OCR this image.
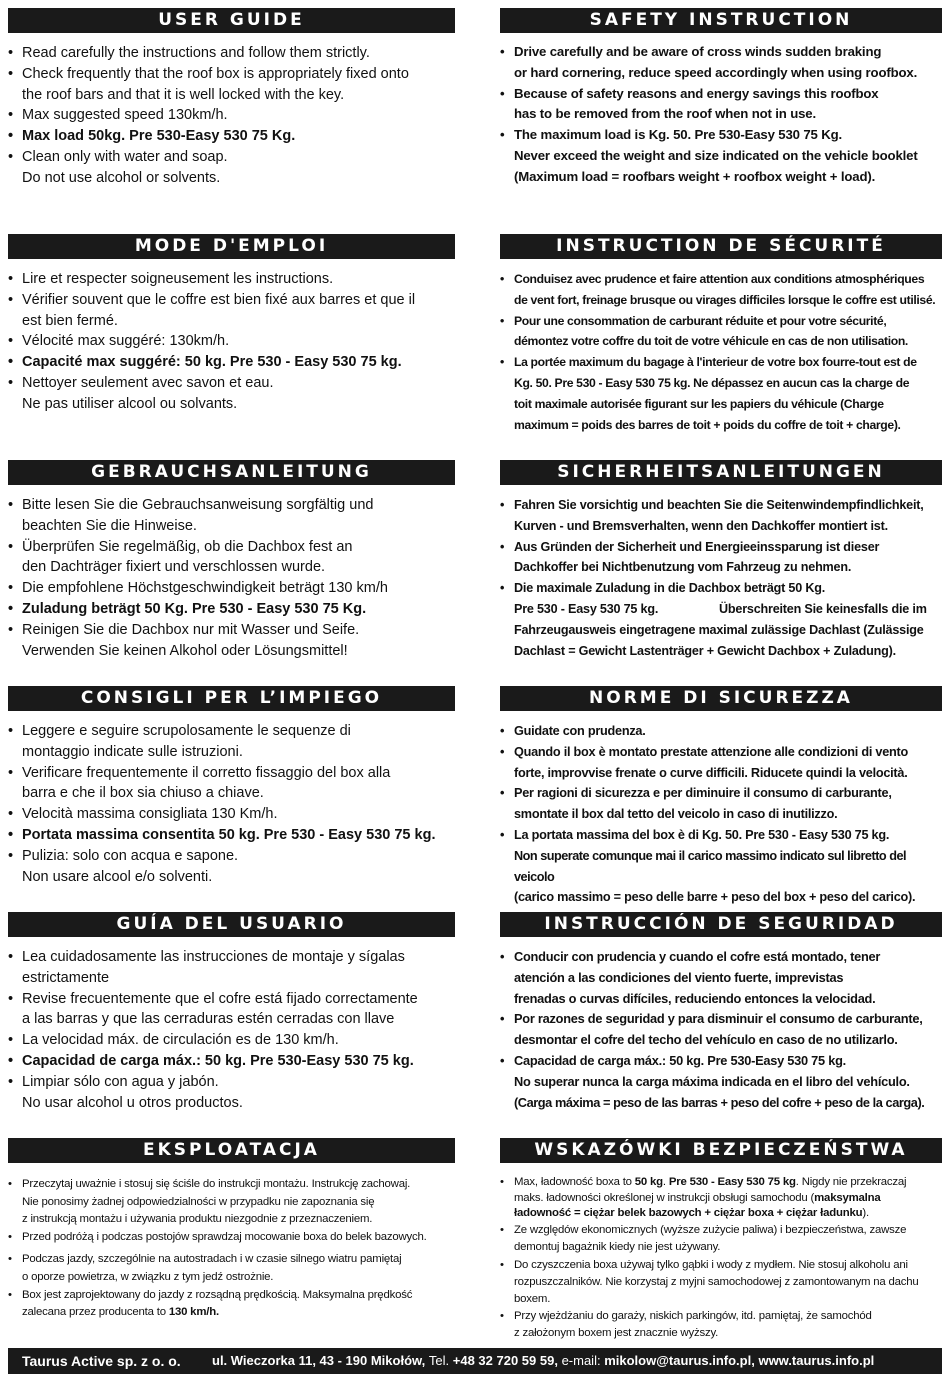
USER GUIDE
• Read carefully the instructions and follow them strictly.
• Check frequently that the roof box is appropriately fixed onto
the roof bars and that it is well locked with the key.
• Max suggested speed 130km/h.
• Max load 50kg. Pre 530-Easy 530 75 Kg.
• Clean only with water and soap.
Do not use alcohol or solvents.
SAFETY INSTRUCTION
• Drive carefully and be aware of cross winds sudden braking
or hard cornering, reduce speed accordingly when using roofbox.
• Because of safety reasons and energy savings this roofbox
has to be removed from the roof when not in use.
• The maximum load is Kg. 50. Pre 530-Easy 530 75 Kg.
Never exceed the weight and size indicated on the vehicle booklet
(Maximum load = roofbars weight + roofbox weight + load).
MODE D'EMPLOI
• Lire et respecter soigneusement les instructions.
• Vérifier souvent que le coffre est bien fixé aux barres et que il
est bien fermé.
• Vélocité max suggéré: 130km/h.
• Capacité max suggéré: 50 kg. Pre 530 - Easy 530 75 kg.
• Nettoyer seulement avec savon et eau.
Ne pas utiliser alcool ou solvants.
INSTRUCTION DE SÉCURITÉ
• Conduisez avec prudence et faire attention aux conditions atmosphériques
de vent fort, freinage brusque ou virages difficiles lorsque le coffre est utilisé.
• Pour une consommation de carburant réduite et pour votre sécurité,
démontez votre coffre du toit de votre véhicule en cas de non utilisation.
• La portée maximum du bagage à l'interieur de votre box fourre-tout est de
Kg. 50. Pre 530 - Easy 530 75 kg. Ne dépassez en aucun cas la charge de
toit maximale autorisée figurant sur les papiers du véhicule (Charge
maximum = poids des barres de toit + poids du coffre de toit + charge).
GEBRAUCHSANLEITUNG
• Bitte lesen Sie die Gebrauchsanweisung sorgfältig und
beachten Sie die Hinweise.
• Überprüfen Sie regelmäßig, ob die Dachbox fest an
den Dachträger fixiert und verschlossen wurde.
• Die empfohlene Höchstgeschwindigkeit beträgt 130 km/h
• Zuladung beträgt 50 Kg. Pre 530 - Easy 530 75 Kg.
• Reinigen Sie die Dachbox nur mit Wasser und Seife.
Verwenden Sie keinen Alkohol oder Lösungsmittel!
SICHERHEITSANLEITUNGEN
• Fahren Sie vorsichtig und beachten Sie die Seitenwindempfindlichkeit,
Kurven - und Bremsverhalten, wenn den Dachkoffer montiert ist.
• Aus Gründen der Sicherheit und Energieeinssparung ist dieser
Dachkoffer bei Nichtbenutzung vom Fahrzeug zu nehmen.
• Die maximale Zuladung in die Dachbox beträgt 50 Kg.
Pre 530 - Easy 530 75 kg.	Überschreiten Sie keinesfalls die im
Fahrzeugausweis eingetragene maximal zulässige Dachlast (Zulässige
Dachlast = Gewicht Lastenträger + Gewicht Dachbox + Zuladung).
CONSIGLI PER L’IMPIEGO
• Leggere e seguire scrupolosamente le sequenze di
montaggio indicate sulle istruzioni.
• Verificare frequentemente il corretto fissaggio del box alla
barra e che il box sia chiuso a chiave.
• Velocità massima consigliata 130 Km/h.
• Portata massima consentita 50 kg. Pre 530 - Easy 530 75 kg.
• Pulizia: solo con acqua e sapone.
Non usare alcool e/o solventi.
NORME DI SICUREZZA
• Guidate con prudenza.
• Quando il box è montato prestate attenzione alle condizioni di vento
forte, improvvise frenate o curve difficili. Riducete quindi la velocità.
• Per ragioni di sicurezza e per diminuire il consumo di carburante,
smontate il box dal tetto del veicolo in caso di inutilizzo.
• La portata massima del box è di Kg. 50. Pre 530 - Easy 530 75 kg.
Non superate comunque mai il carico massimo indicato sul libretto del veicolo
(carico massimo = peso delle barre + peso del box + peso del carico).
GUÍA DEL USUARIO
• Lea cuidadosamente las instrucciones de montaje y sígalas
estrictamente
• Revise frecuentemente que el cofre está fijado correctamente
a las barras y que las cerraduras estén cerradas con llave
• La velocidad máx. de circulación es de 130 km/h.
• Capacidad de carga máx.: 50 kg. Pre 530-Easy 530 75 kg.
• Limpiar sólo con agua y jabón.
No usar alcohol u otros productos.
INSTRUCCIÓN DE SEGURIDAD
• Conducir con prudencia y cuando el cofre está montado, tener
atención a las condiciones del viento fuerte, imprevistas
frenadas o curvas difíciles, reduciendo entonces la velocidad.
• Por razones de seguridad y para disminuir el consumo de carburante,
desmontar el cofre del techo del vehículo en caso de no utilizarlo.
• Capacidad de carga máx.: 50 kg. Pre 530-Easy 530 75 kg.
No superar nunca la carga máxima indicada en el libro del vehículo.
(Carga máxima = peso de las barras + peso del cofre + peso de la carga).
EKSPLOATACJA
• Przeczytaj uważnie i stosuj się ściśle do instrukcji montażu. Instrukcję zachowaj.
Nie ponosimy żadnej odpowiedzialności w przypadku nie zapoznania się
z instrukcją montażu i używania produktu niezgodnie z przeznaczeniem.
• Przed podróżą i podczas postojów sprawdzaj mocowanie boxa do belek bazowych.
• Podczas jazdy, szczególnie na autostradach i w czasie silnego wiatru pamiętaj
o oporze powietrza, w związku z tym jedź ostrożnie.
• Box jest zaprojektowany do jazdy z rozsądną prędkością. Maksymalna prędkość
zalecana przez producenta to 130 km/h.
WSKAZÓWKI BEZPIECZEŃSTWA
• Max, ładowność boxa to 50 kg. Pre 530 - Easy 530 75 kg. Nigdy nie przekraczaj
maks. ładowności określonej w instrukcji obsługi samochodu (maksymalna
ładowność = ciężar belek bazowych + ciężar boxa + ciężar ładunku).
• Ze względów ekonomicznych (wyższe zużycie paliwa) i bezpieczeństwa, zawsze
demontuj bagażnik kiedy nie jest używany.
• Do czyszczenia boxa używaj tylko gąbki i wody z mydłem. Nie stosuj alkoholu ani
rozpuszczalników. Nie korzystaj z myjni samochodowej z zamontowanym na dachu
boxem.
• Przy wjeżdżaniu do garaży, niskich parkingów, itd. pamiętaj, że samochód
z założonym boxem jest znacznie wyższy.
Taurus Active sp. z o. o. ul. Wieczorka 11, 43 - 190 Mikołów, Tel. +48 32 720 59 59, e-mail: mikolow@taurus.info.pl, www.taurus.info.pl
